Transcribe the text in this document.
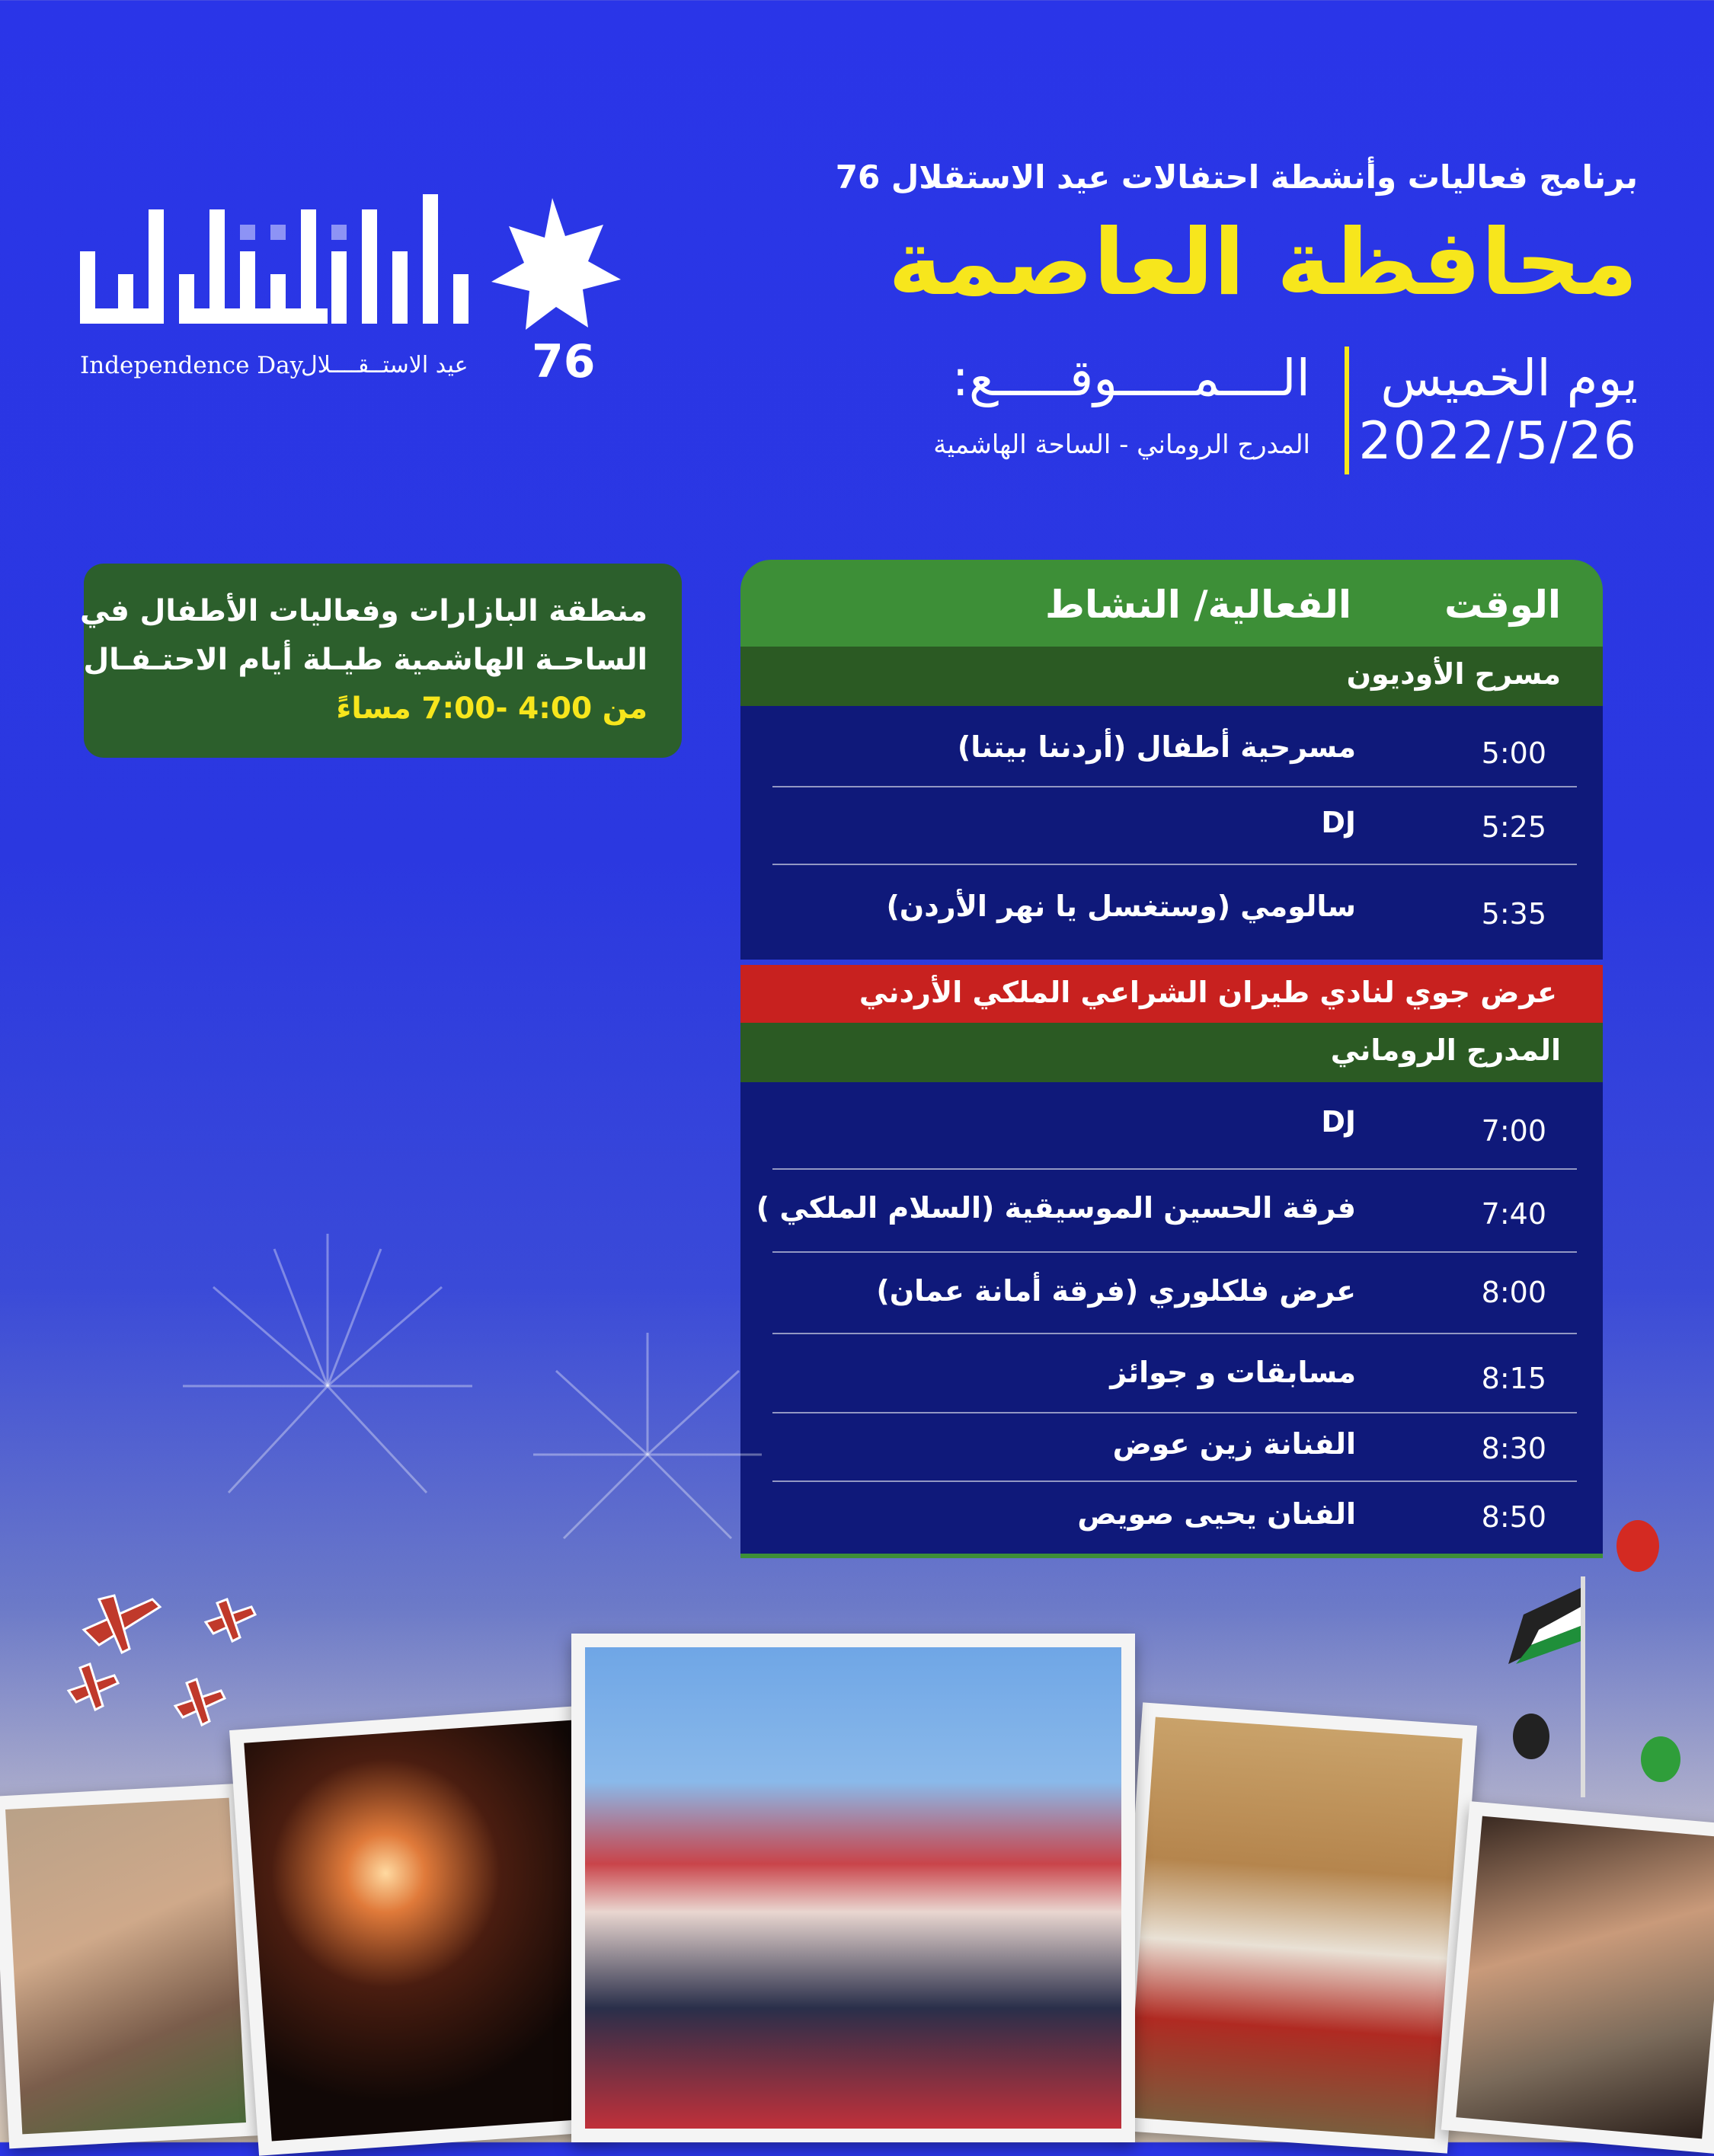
برنامج فعاليات وأنشطة احتفالات عيد الاستقلال 76
محافظة العاصمة
يوم الخميس
2022/5/26
الــــمـــــوقـــــع:
المدرج الروماني - الساحة الهاشمية
76
عيد الاستــقــــلال
Independence Day
منطقة البازارات وفعاليات الأطفال في
الساحـة الهاشمية طيـلة أيام الاحتـفـال
من 4:00 -7:00 مساءً
الوقت
الفعالية/ النشاط
مسرح الأوديون
5:00
مسرحية أطفال (أردننا بيتنا)
5:25
DJ
5:35
سالومي (وستغسل يا نهر الأردن)
عرض جوي لنادي طيران الشراعي الملكي الأردني
المدرج الروماني
7:00
DJ
7:40
فرقة الحسين الموسيقية (السلام الملكي )
8:00
عرض فلكلوري (فرقة أمانة عمان)
8:15
مسابقات و جوائز
8:30
الفنانة زين عوض
8:50
الفنان يحيى صويص
